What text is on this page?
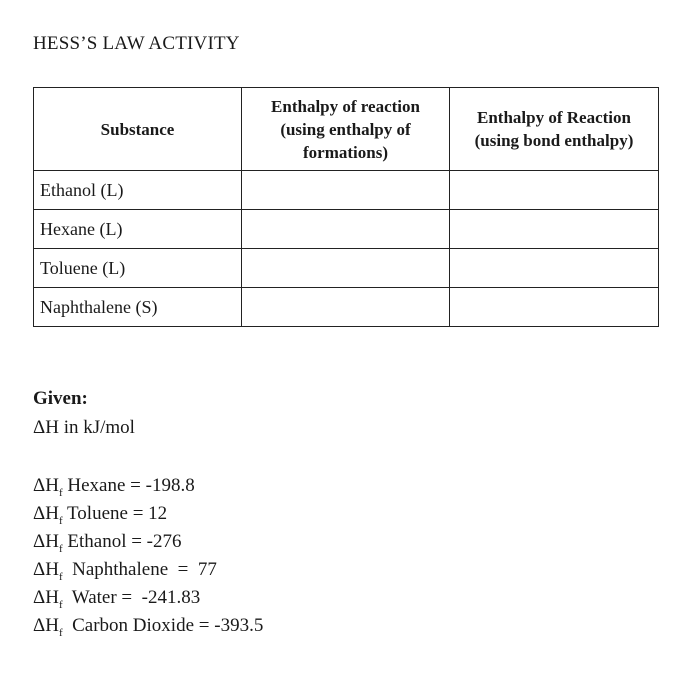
HESS’S LAW ACTIVITY
Substance	Enthalpy of reaction (using enthalpy of formations)	Enthalpy of Reaction (using bond enthalpy)
Ethanol (L)		
Hexane (L)		
Toluene (L)		
Naphthalene (S)		
Given:
ΔH in kJ/mol
$\Delta H_f$ Hexane = -198.8
$\Delta H_f$ Toluene = 12
$\Delta H_f$ Ethanol = -276
$\Delta H_f$  Naphthalene  =  77
$\Delta H_f$  Water =  -241.83
$\Delta H_f$  Carbon Dioxide = -393.5
